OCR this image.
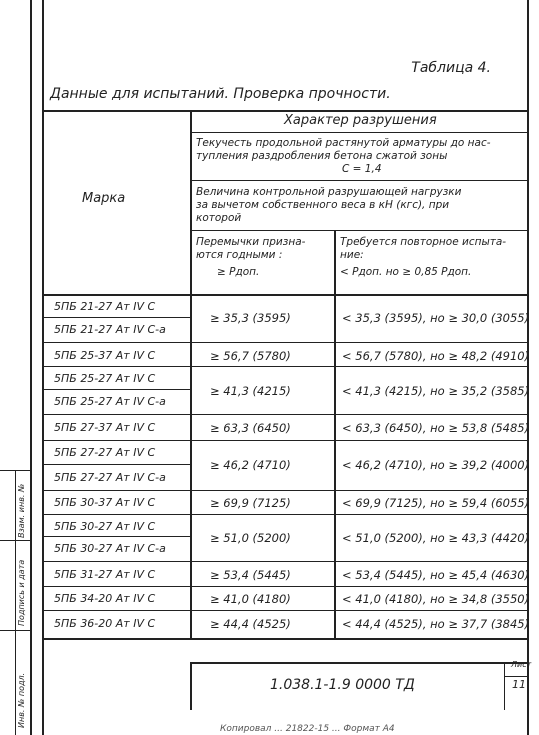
Таблица 4.
Данные для испытаний. Проверка прочности.
Марка
Характер разрушения
Текучесть продольной растянутой арматуры до нас-
тупления раздробления бетона сжатой зоны
C = 1,4
Величина контрольной разрушающей нагрузки
за вычетом собственного веса в кН (кгс), при
которой
Перемычки призна-
ются годными :
≥ Pдоп.
Требуется повторное испыта-
ние:
< Pдоп. но ≥ 0,85 Pдоп.
5ПБ 21-27 Aт IV C
5ПБ 21-27 Aт IV C-a
≥ 35,3 (3595)	< 35,3 (3595), но ≥ 30,0 (3055)
5ПБ 25-37 Aт IV C	≥ 56,7 (5780)	< 56,7 (5780), но ≥ 48,2 (4910)
5ПБ 25-27 Aт IV C
5ПБ 25-27 Aт IV C-a
≥ 41,3 (4215)	< 41,3 (4215), но ≥ 35,2 (3585)
5ПБ 27-37 Aт IV C	≥ 63,3 (6450)	< 63,3 (6450), но ≥ 53,8 (5485)
5ПБ 27-27 Aт IV C
5ПБ 27-27 Aт IV C-a
≥ 46,2 (4710)	< 46,2 (4710), но ≥ 39,2 (4000)
5ПБ 30-37 Aт IV C	≥ 69,9 (7125)	< 69,9 (7125), но ≥ 59,4 (6055)
5ПБ 30-27 Aт IV C
5ПБ 30-27 Aт IV C-a
≥ 51,0 (5200)	< 51,0 (5200), но ≥ 43,3 (4420)
5ПБ 31-27 Aт IV C	≥ 53,4 (5445)	< 53,4 (5445), но ≥ 45,4 (4630)
5ПБ 34-20 Aт IV C	≥ 41,0 (4180)	< 41,0 (4180), но ≥ 34,8 (3550)
5ПБ 36-20 Aт IV C	≥ 44,4 (4525)	< 44,4 (4525), но ≥ 37,7 (3845)
1.038.1-1.9 0000 ТД
Лист
11
Взам. инв. №
Подпись и дата
Инв. № подл.
Копировал ... 21822-15 ... Формат А4
